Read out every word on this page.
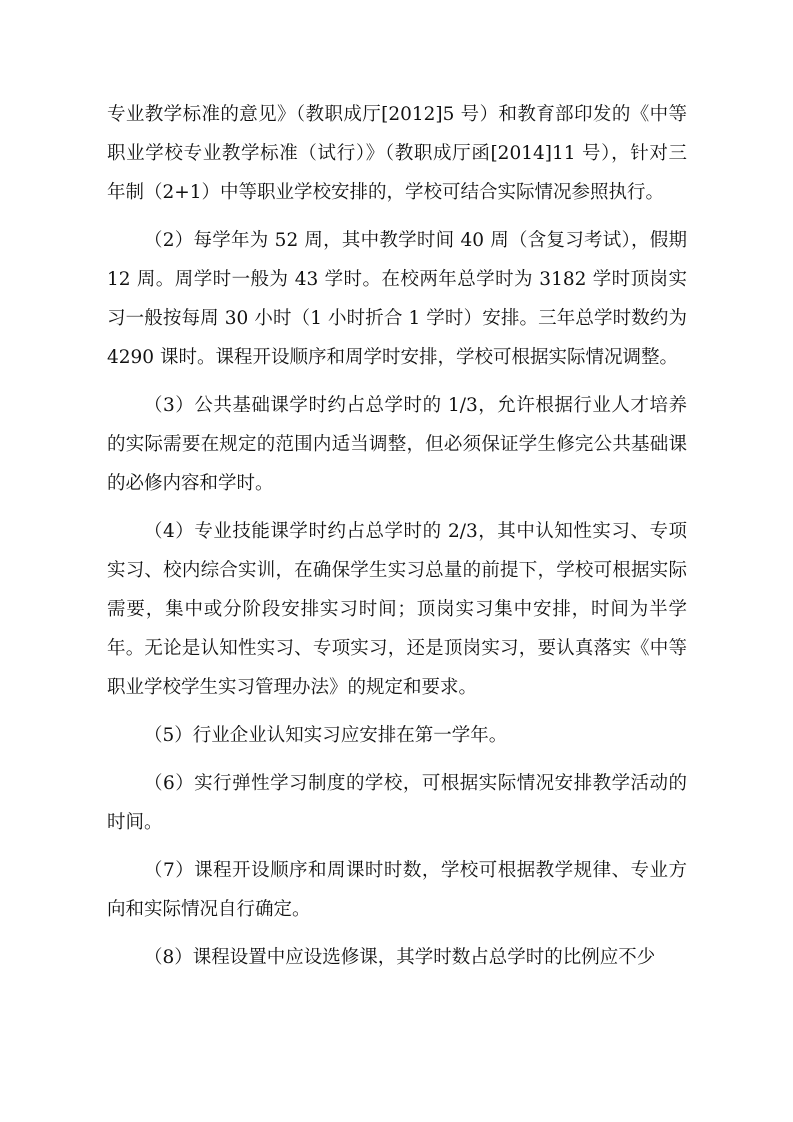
专业教学标准的意见》（教职成厅[2012]5 号）和教育部印发的《中等职业学校专业教学标准（试行）》（教职成厅函[2014]11 号），针对三年制（2+1）中等职业学校安排的，学校可结合实际情况参照执行。

（2）每学年为 52 周，其中教学时间 40 周（含复习考试），假期 12 周。周学时一般为 43 学时。在校两年总学时为 3182 学时顶岗实习一般按每周 30 小时（1 小时折合 1 学时）安排。三年总学时数约为 4290 课时。课程开设顺序和周学时安排，学校可根据实际情况调整。

（3）公共基础课学时约占总学时的 1/3，允许根据行业人才培养的实际需要在规定的范围内适当调整，但必须保证学生修完公共基础课的必修内容和学时。

（4）专业技能课学时约占总学时的 2/3，其中认知性实习、专项实习、校内综合实训，在确保学生实习总量的前提下，学校可根据实际需要，集中或分阶段安排实习时间；顶岗实习集中安排，时间为半学年。无论是认知性实习、专项实习，还是顶岗实习，要认真落实《中等职业学校学生实习管理办法》的规定和要求。

（5）行业企业认知实习应安排在第一学年。

（6）实行弹性学习制度的学校，可根据实际情况安排教学活动的时间。

（7）课程开设顺序和周课时时数，学校可根据教学规律、专业方向和实际情况自行确定。

（8）课程设置中应设选修课，其学时数占总学时的比例应不少
